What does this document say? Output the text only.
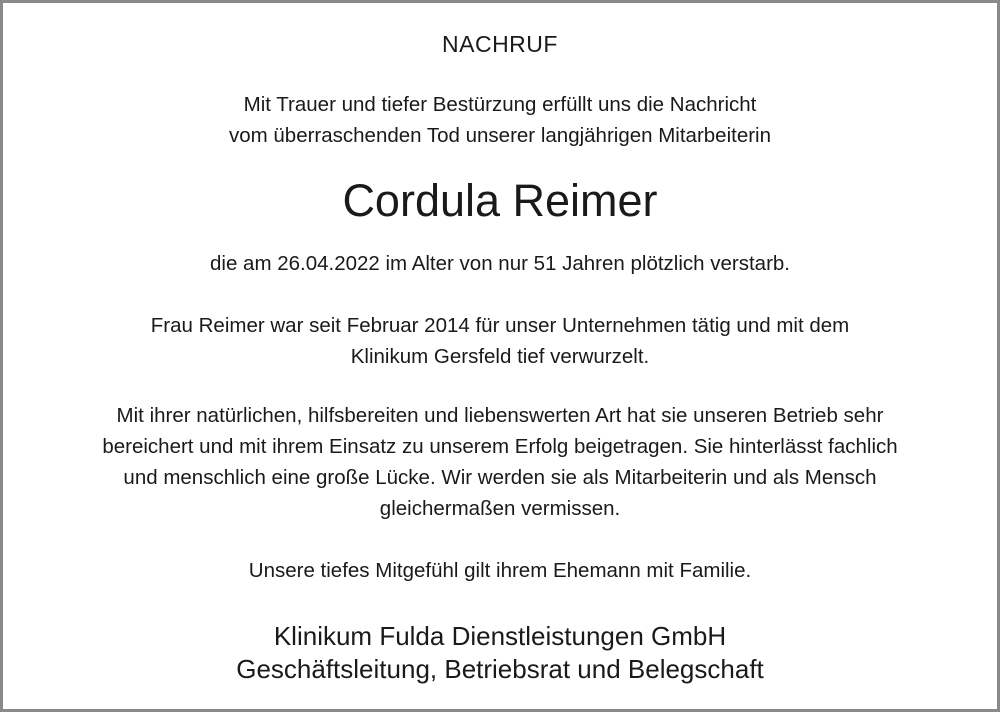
NACHRUF
Mit Trauer und tiefer Bestürzung erfüllt uns die Nachricht
vom überraschenden Tod unserer langjährigen Mitarbeiterin
Cordula Reimer
die am 26.04.2022 im Alter von nur 51 Jahren plötzlich verstarb.
Frau Reimer war seit Februar 2014 für unser Unternehmen tätig und mit dem
Klinikum Gersfeld tief verwurzelt.
Mit ihrer natürlichen, hilfsbereiten und liebenswerten Art hat sie unseren Betrieb sehr
bereichert und mit ihrem Einsatz zu unserem Erfolg beigetragen. Sie hinterlässt fachlich
und menschlich eine große Lücke. Wir werden sie als Mitarbeiterin und als Mensch
gleichermaßen vermissen.
Unsere tiefes Mitgefühl gilt ihrem Ehemann mit Familie.
Klinikum Fulda Dienstleistungen GmbH
Geschäftsleitung, Betriebsrat und Belegschaft
